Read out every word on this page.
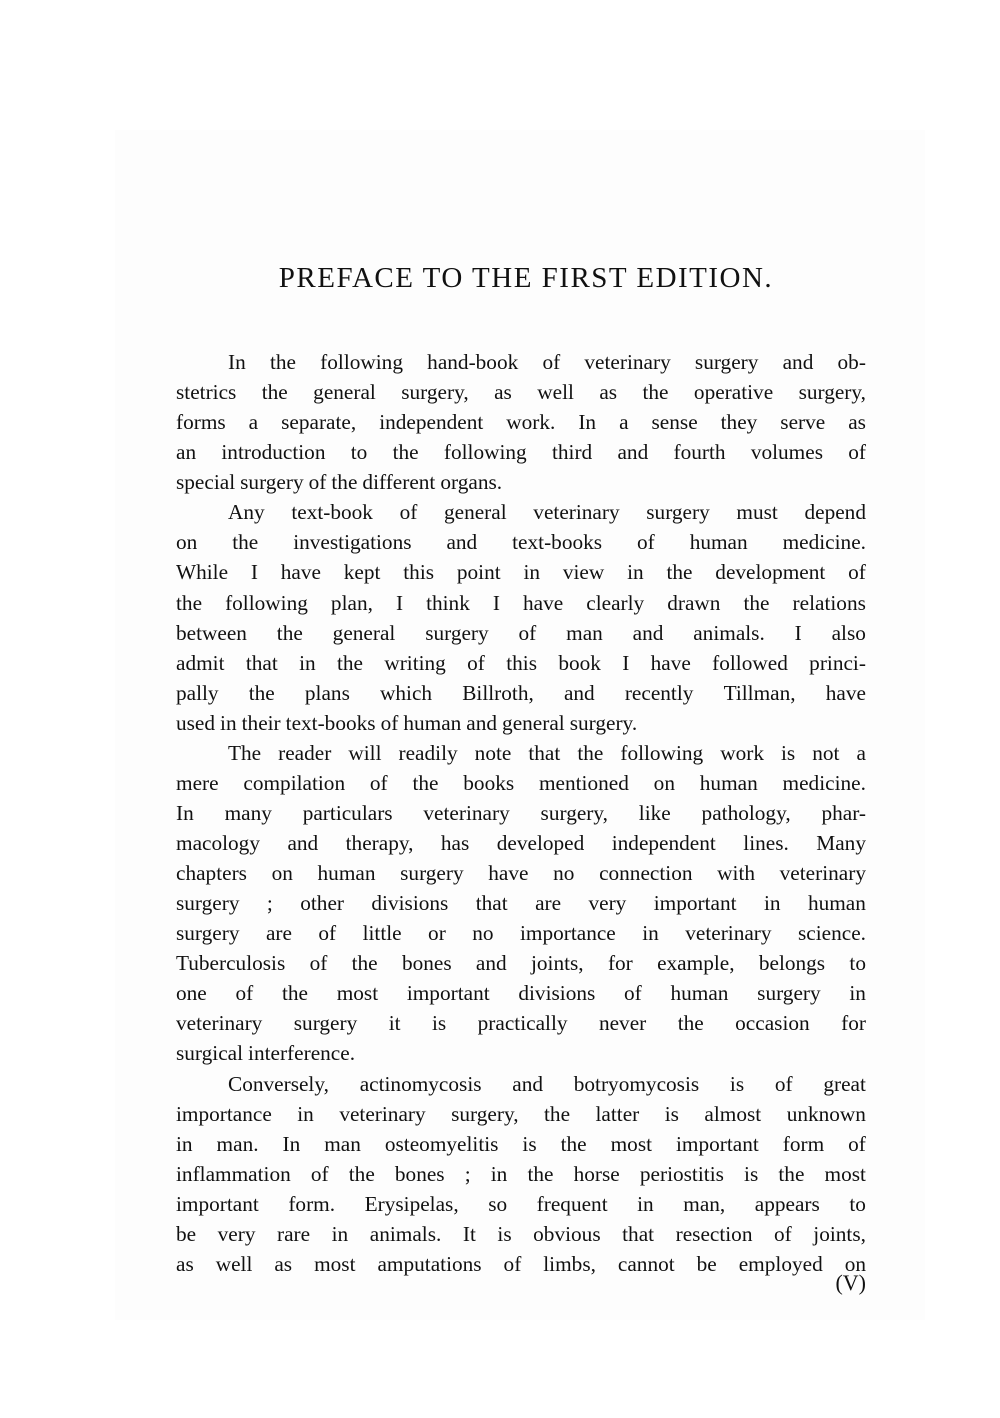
PREFACE TO THE FIRST EDITION.
In the following hand-book of veterinary surgery and ob-
stetrics the general surgery, as well as the operative surgery,
forms a separate, independent work. In a sense they serve as
an introduction to the following third and fourth volumes of
special surgery of the different organs.
Any text-book of general veterinary surgery must depend
on the investigations and text-books of human medicine.
While I have kept this point in view in the development of
the following plan, I think I have clearly drawn the relations
between the general surgery of man and animals. I also
admit that in the writing of this book I have followed princi-
pally the plans which Billroth, and recently Tillman, have
used in their text-books of human and general surgery.
The reader will readily note that the following work is not a
mere compilation of the books mentioned on human medicine.
In many particulars veterinary surgery, like pathology, phar-
macology and therapy, has developed independent lines. Many
chapters on human surgery have no connection with veterinary
surgery ; other divisions that are very important in human
surgery are of little or no importance in veterinary science.
Tuberculosis of the bones and joints, for example, belongs to
one of the most important divisions of human surgery in
veterinary surgery it is practically never the occasion for
surgical interference.
Conversely, actinomycosis and botryomycosis is of great
importance in veterinary surgery, the latter is almost unknown
in man. In man osteomyelitis is the most important form of
inflammation of the bones ; in the horse periostitis is the most
important form. Erysipelas, so frequent in man, appears to
be very rare in animals. It is obvious that resection of joints,
as well as most amputations of limbs, cannot be employed on
(V)
